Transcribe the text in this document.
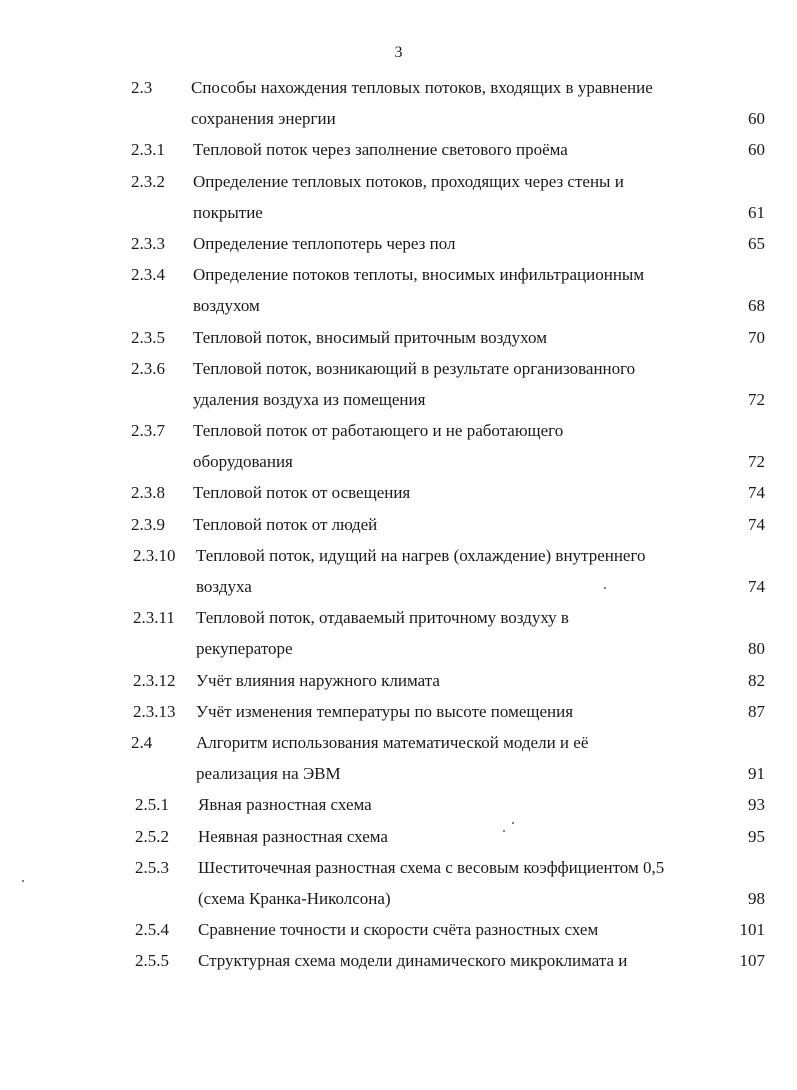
3
2.3 Способы нахождения тепловых потоков, входящих в уравнение
сохранения энергии	60
2.3.1 Тепловой поток через заполнение светового проёма	60
2.3.2 Определение тепловых потоков, проходящих через стены и
покрытие	61
2.3.3 Определение теплопотерь через пол	65
2.3.4 Определение потоков теплоты, вносимых инфильтрационным
воздухом	68
2.3.5 Тепловой поток, вносимый приточным воздухом	70
2.3.6 Тепловой поток, возникающий в результате организованного
удаления воздуха из помещения	72
2.3.7 Тепловой поток от работающего и не работающего
оборудования	72
2.3.8 Тепловой поток от освещения	74
2.3.9 Тепловой поток от людей	74
2.3.10 Тепловой поток, идущий на нагрев (охлаждение) внутреннего
воздуха	74
2.3.11 Тепловой поток, отдаваемый приточному воздуху в
рекуператоре	80
2.3.12 Учёт влияния наружного климата	82
2.3.13 Учёт изменения температуры по высоте помещения	87
2.4	Алгоритм использования математической модели и её
реализация на ЭВМ	91
2.5.1 Явная разностная схема	93
2.5.2 Неявная разностная схема	95
2.5.3 Шеститочечная разностная схема с весовым коэффициентом 0,5
(схема Кранка-Николсона)	98
2.5.4 Сравнение точности и скорости счёта разностных схем	101
2.5.5 Структурная схема модели динамического микроклимата и	107
